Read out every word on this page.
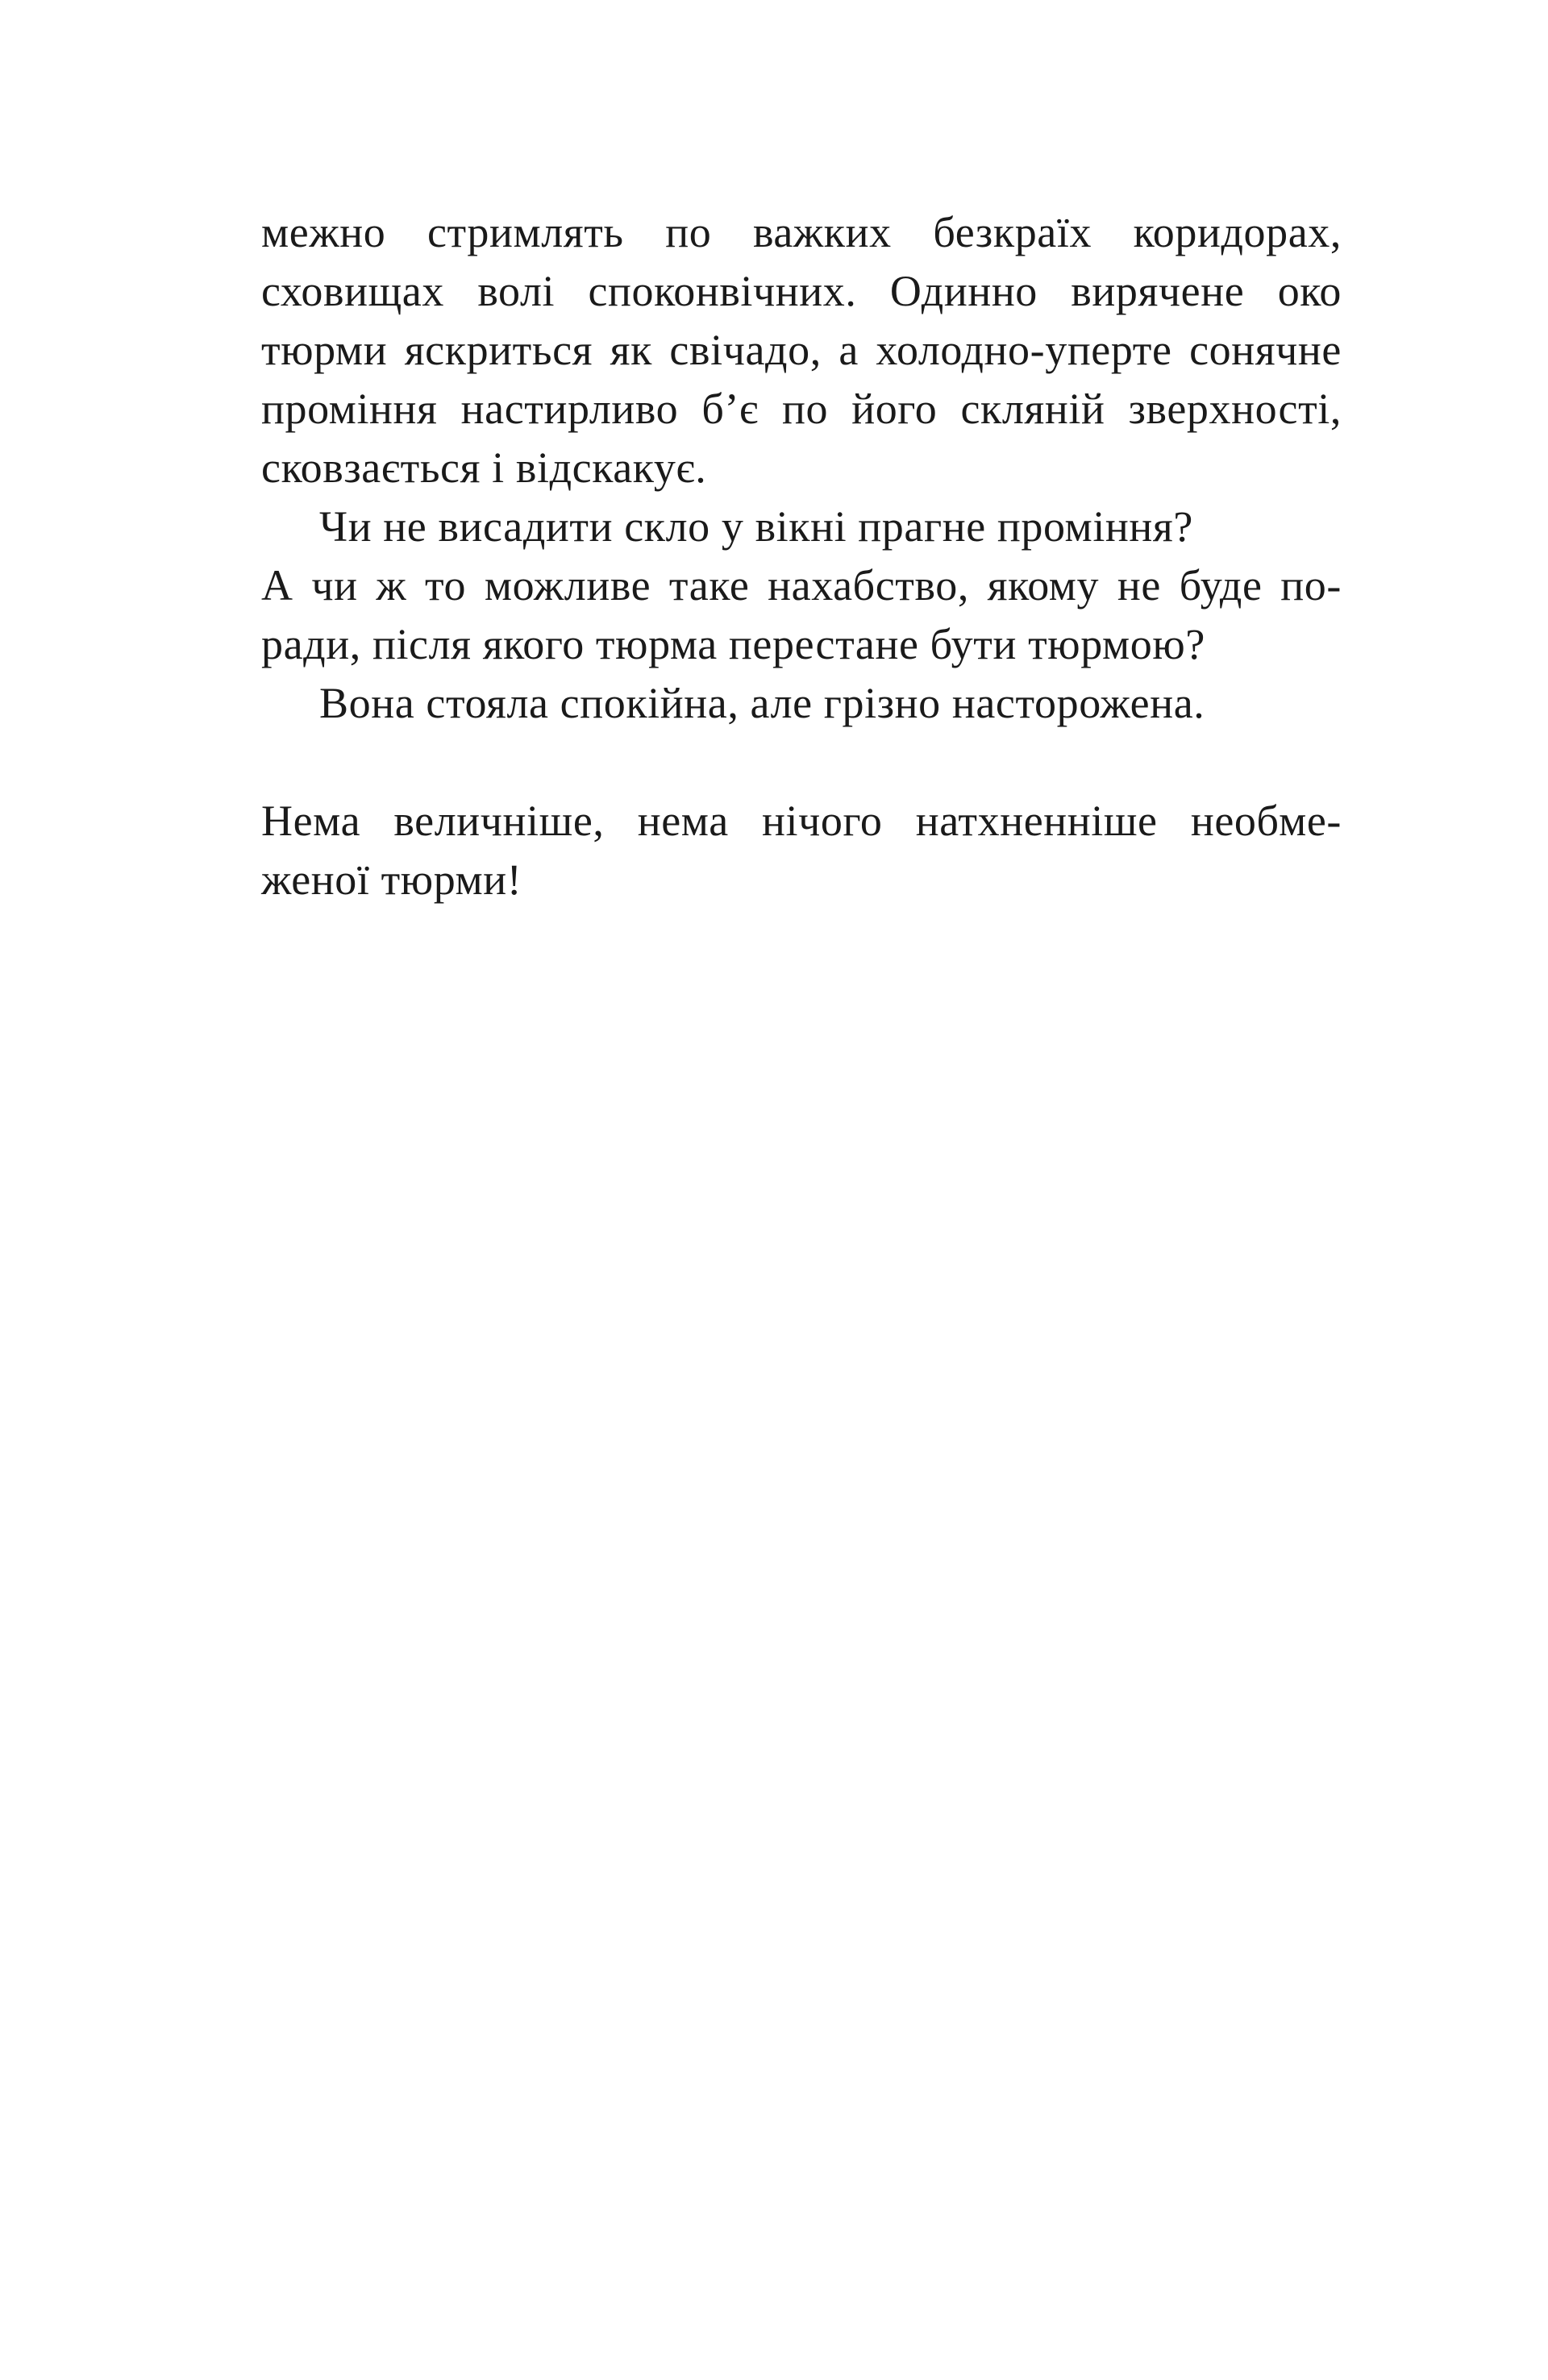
межно стримлять по важких безкраїх коридорах,
сховищах волі споконвічних. Одинно вирячене око
тюрми яскриться як свічадо, а холодно-уперте сонячне
проміння настирливо б’є по його скляній зверхності,
сковзається і відскакує.
Чи не висадити скло у вікні прагне проміння?
А чи ж то можливе таке нахабство, якому не буде по-
ради, після якого тюрма перестане бути тюрмою?
Вона стояла спокійна, але грізно насторожена.
Нема величніше, нема нічого натхненніше необме-
женої тюрми!
